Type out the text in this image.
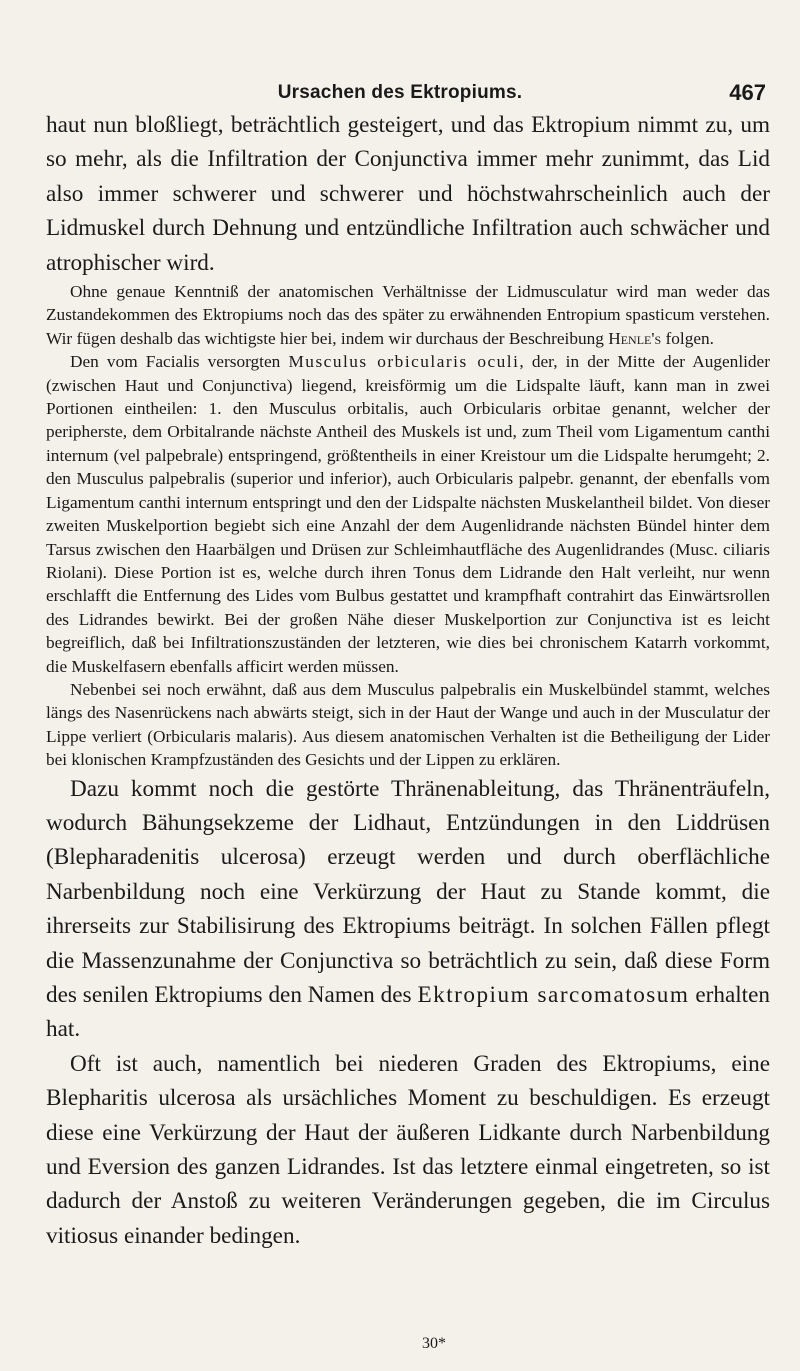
Ursachen des Ektropiums.	467

haut nun bloßliegt, beträchtlich gesteigert, und das Ektropium nimmt zu, um so mehr, als die Infiltration der Conjunctiva immer mehr zunimmt, das Lid also immer schwerer und schwerer und höchstwahrscheinlich auch der Lidmuskel durch Dehnung und entzündliche Infiltration auch schwächer und atrophischer wird.

Ohne genaue Kenntniß der anatomischen Verhältnisse der Lidmusculatur wird man weder das Zustandekommen des Ektropiums noch das des später zu erwähnenden Entropium spasticum verstehen. Wir fügen deshalb das wichtigste hier bei, indem wir durchaus der Beschreibung Henle's folgen.

Den vom Facialis versorgten Musculus orbicularis oculi, der, in der Mitte der Augenlider (zwischen Haut und Conjunctiva) liegend, kreisförmig um die Lidspalte läuft, kann man in zwei Portionen eintheilen: 1. den Musculus orbitalis, auch Orbicularis orbitae genannt, welcher der peripherste, dem Orbitalrande nächste Antheil des Muskels ist und, zum Theil vom Ligamentum canthi internum (vel palpebrale) entspringend, größtentheils in einer Kreistour um die Lidspalte herumgeht; 2. den Musculus palpebralis (superior und inferior), auch Orbicularis palpebr. genannt, der ebenfalls vom Ligamentum canthi internum entspringt und den der Lidspalte nächsten Muskelantheil bildet. Von dieser zweiten Muskelportion begiebt sich eine Anzahl der dem Augenlidrande nächsten Bündel hinter dem Tarsus zwischen den Haarbälgen und Drüsen zur Schleimhautfläche des Augenlidrandes (Musc. ciliaris Riolani). Diese Portion ist es, welche durch ihren Tonus dem Lidrande den Halt verleiht, nur wenn erschlafft die Entfernung des Lides vom Bulbus gestattet und krampfhaft contrahirt das Einwärtsrollen des Lidrandes bewirkt. Bei der großen Nähe dieser Muskelportion zur Conjunctiva ist es leicht begreiflich, daß bei Infiltrationszuständen der letzteren, wie dies bei chronischem Katarrh vorkommt, die Muskelfasern ebenfalls afficirt werden müssen.

Nebenbei sei noch erwähnt, daß aus dem Musculus palpebralis ein Muskelbündel stammt, welches längs des Nasenrückens nach abwärts steigt, sich in der Haut der Wange und auch in der Musculatur der Lippe verliert (Orbicularis malaris). Aus diesem anatomischen Verhalten ist die Betheiligung der Lider bei klonischen Krampfzuständen des Gesichts und der Lippen zu erklären.

Dazu kommt noch die gestörte Thränenableitung, das Thränenträufeln, wodurch Bähungsekzeme der Lidhaut, Entzündungen in den Liddrüsen (Blepharadenitis ulcerosa) erzeugt werden und durch oberflächliche Narbenbildung noch eine Verkürzung der Haut zu Stande kommt, die ihrerseits zur Stabilisirung des Ektropiums beiträgt. In solchen Fällen pflegt die Massenzunahme der Conjunctiva so beträchtlich zu sein, daß diese Form des senilen Ektropiums den Namen des Ektropium sarcomatosum erhalten hat.

Oft ist auch, namentlich bei niederen Graden des Ektropiums, eine Blepharitis ulcerosa als ursächliches Moment zu beschuldigen. Es erzeugt diese eine Verkürzung der Haut der äußeren Lidkante durch Narbenbildung und Eversion des ganzen Lidrandes. Ist das letztere einmal eingetreten, so ist dadurch der Anstoß zu weiteren Veränderungen gegeben, die im Circulus vitiosus einander bedingen.

30*
